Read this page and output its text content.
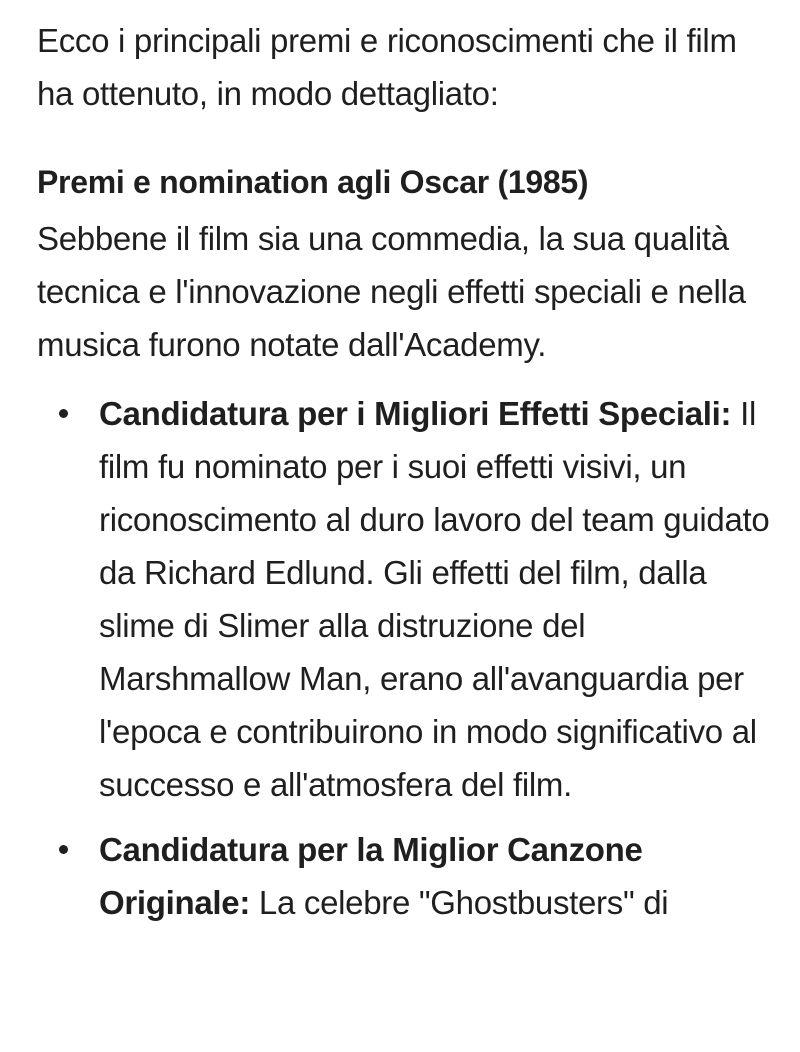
Ecco i principali premi e riconoscimenti che il film ha ottenuto, in modo dettagliato:

Premi e nomination agli Oscar (1985)

Sebbene il film sia una commedia, la sua qualità tecnica e l'innovazione negli effetti speciali e nella musica furono notate dall'Academy.

Candidatura per i Migliori Effetti Speciali: Il film fu nominato per i suoi effetti visivi, un riconoscimento al duro lavoro del team guidato da Richard Edlund. Gli effetti del film, dalla slime di Slimer alla distruzione del Marshmallow Man, erano all'avanguardia per l'epoca e contribuirono in modo significativo al successo e all'atmosfera del film.
Candidatura per la Miglior Canzone Originale: La celebre "Ghostbusters" di
